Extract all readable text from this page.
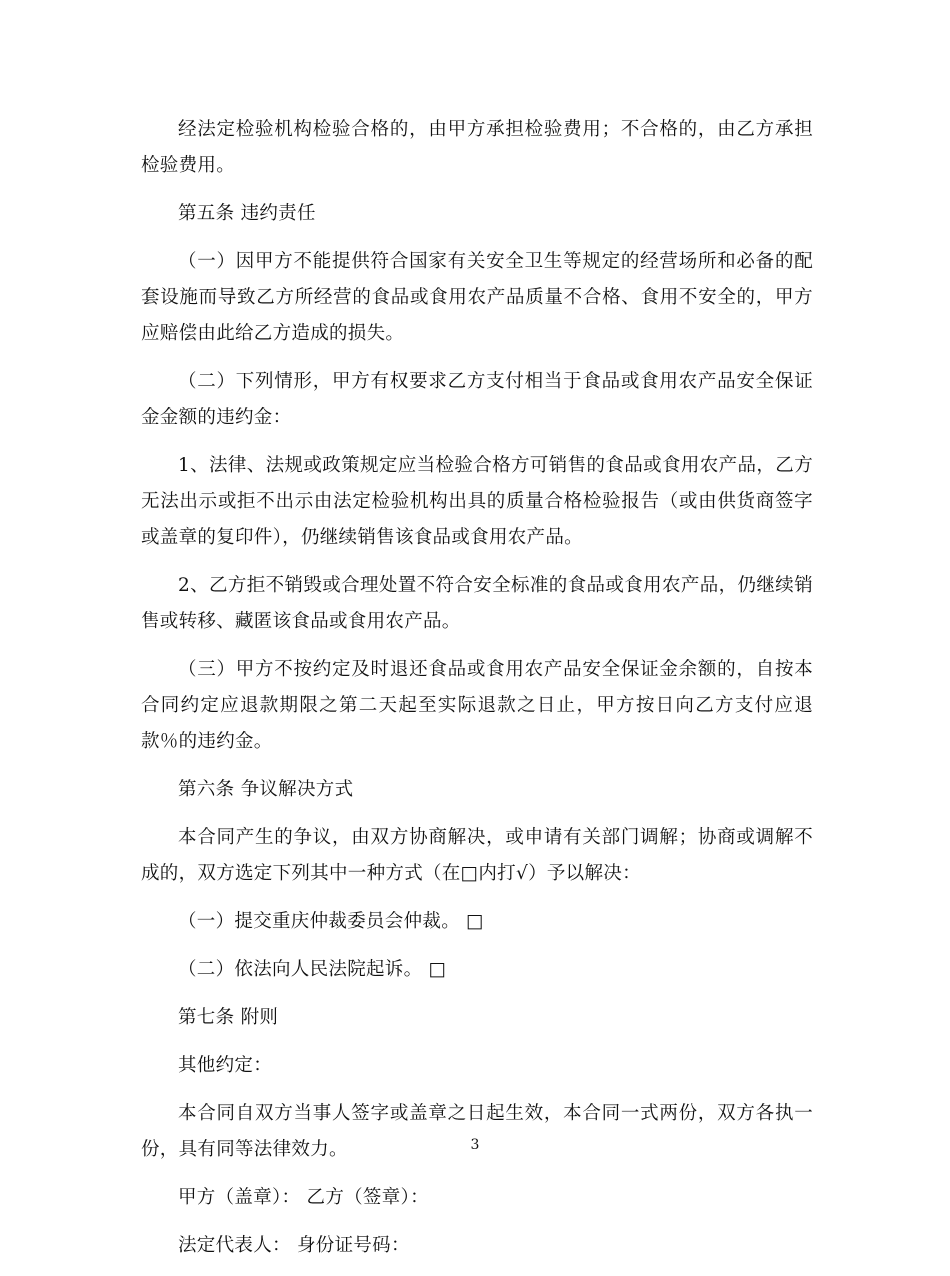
经法定检验机构检验合格的，由甲方承担检验费用；不合格的，由乙方承担检验费用。

第五条 违约责任

（一）因甲方不能提供符合国家有关安全卫生等规定的经营场所和必备的配套设施而导致乙方所经营的食品或食用农产品质量不合格、食用不安全的，甲方应赔偿由此给乙方造成的损失。

（二）下列情形，甲方有权要求乙方支付相当于食品或食用农产品安全保证金金额的违约金：

1、法律、法规或政策规定应当检验合格方可销售的食品或食用农产品，乙方无法出示或拒不出示由法定检验机构出具的质量合格检验报告（或由供货商签字或盖章的复印件），仍继续销售该食品或食用农产品。

2、乙方拒不销毁或合理处置不符合安全标准的食品或食用农产品，仍继续销售或转移、藏匿该食品或食用农产品。

（三）甲方不按约定及时退还食品或食用农产品安全保证金余额的，自按本合同约定应退款期限之第二天起至实际退款之日止，甲方按日向乙方支付应退款％的违约金。

第六条 争议解决方式

本合同产生的争议，由双方协商解决，或申请有关部门调解；协商或调解不成的，双方选定下列其中一种方式（在□内打√）予以解决：

（一）提交重庆仲裁委员会仲裁。 □

（二）依法向人民法院起诉。 □

第七条 附则

其他约定：

本合同自双方当事人签字或盖章之日起生效，本合同一式两份，双方各执一份，具有同等法律效力。

甲方（盖章）： 乙方（签章）：

法定代表人： 身份证号码：

3
